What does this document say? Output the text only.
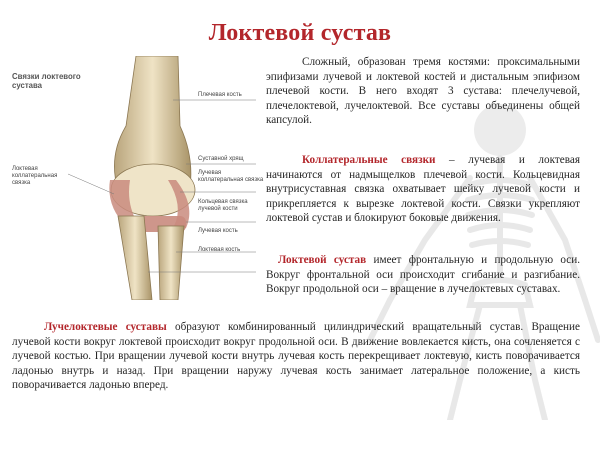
Локтевой сустав
Связки локтевого сустава
Плечевая кость
Суставной хрящ
Лучевая коллатеральная связка
Кольцевая связка лучевой кости
Лучевая кость
Локтевая кость
Локтевая коллатеральная связка

Сложный, образован тремя костями: проксимальными эпифизами лучевой и локтевой костей и дистальным эпифизом плечевой кости. В него входят 3 сустава: плечелучевой, плечелоктевой, лучелоктевой. Все суставы объединены общей капсулой.

Коллатеральные связки – лучевая и локтевая начинаются от надмыщелков плечевой кости. Кольцевидная внутрисуставная связка охватывает шейку лучевой кости и прикрепляется к вырезке локтевой кости. Связки укрепляют локтевой сустав и блокируют боковые движения.

Локтевой сустав имеет фронтальную и продольную оси. Вокруг фронтальной оси происходит сгибание и разгибание. Вокруг продольной оси – вращение в лучелоктевых суставах.

Лучелоктевые суставы образуют комбинированный цилиндрический вращательный сустав. Вращение лучевой кости вокруг локтевой происходит вокруг продольной оси. В движение вовлекается кисть, она сочленяется с лучевой костью. При вращении лучевой кости внутрь лучевая кость перекрещивает локтевую, кисть поворачивается ладонью внутрь и назад. При вращении наружу лучевая кость занимает латеральное положение, а кисть поворачивается ладонью вперед.
